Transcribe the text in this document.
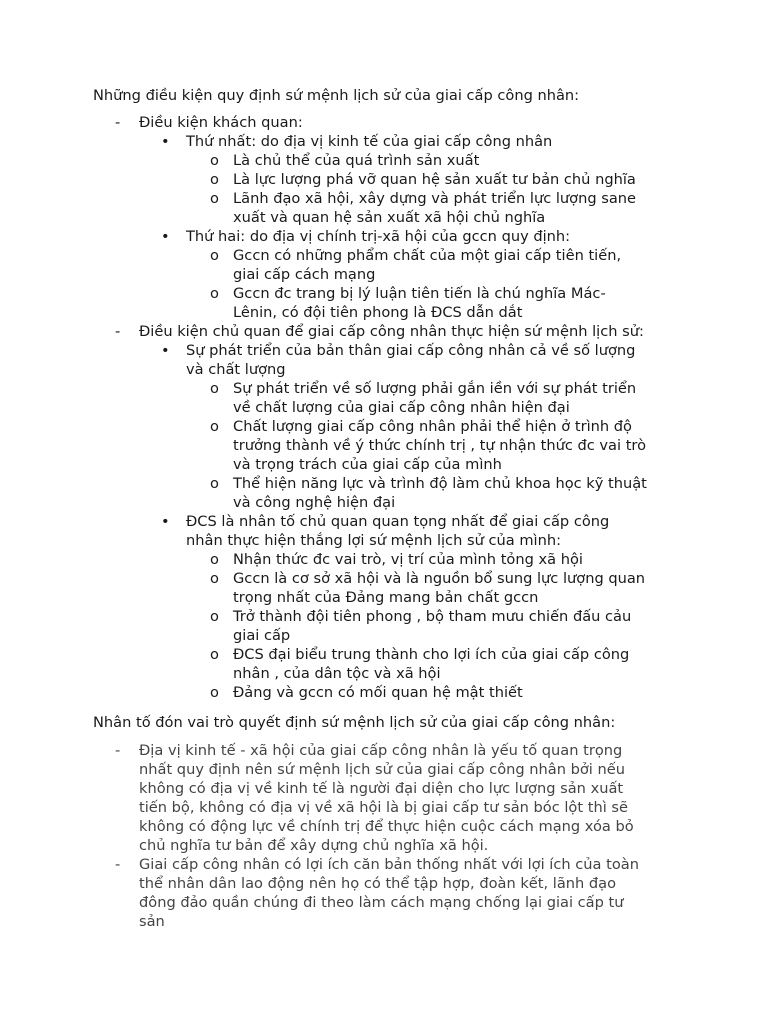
Những điều kiện quy định sứ mệnh lịch sử của giai cấp công nhân:
- Điều kiện khách quan:
• Thứ nhất: do địa vị kinh tế của giai cấp công nhân
o Là chủ thể của quá trình sản xuất
o Là lực lượng phá vỡ quan hệ sản xuất tư bản chủ nghĩa
o Lãnh đạo xã hội, xây dựng và phát triển lực lượng sane
xuất và quan hệ sản xuất xã hội chủ nghĩa
• Thứ hai: do địa vị chính trị-xã hội của gccn quy định:
o Gccn có những phẩm chất của một giai cấp tiên tiến,
giai cấp cách mạng
o Gccn đc trang bị lý luận tiên tiến là chú nghĩa Mác-
Lênin, có đội tiên phong là ĐCS dẫn dắt
- Điều kiện chủ quan để giai cấp công nhân thực hiện sứ mệnh lịch sử:
• Sự phát triển của bản thân giai cấp công nhân cả về số lượng
và chất lượng
o Sự phát triển về số lượng phải gắn iền với sự phát triển
về chất lượng của giai cấp công nhân hiện đại
o Chất lượng giai cấp công nhân phải thể hiện ở trình độ
trưởng thành về ý thức chính trị , tự nhận thức đc vai trò
và trọng trách của giai cấp của mình
o Thể hiện năng lực và trình độ làm chủ khoa học kỹ thuật
và công nghệ hiện đại
• ĐCS là nhân tố chủ quan quan tọng nhất để giai cấp công
nhân thực hiện thắng lợi sứ mệnh lịch sử của mình:
o Nhận thức đc vai trò, vị trí của mình tỏng xã hội
o Gccn là cơ sở xã hội và là nguồn bổ sung lực lượng quan
trọng nhất của Đảng mang bản chất gccn
o Trở thành đội tiên phong , bộ tham mưu chiến đấu cảu
giai cấp
o ĐCS đại biểu trung thành cho lợi ích của giai cấp công
nhân , của dân tộc và xã hội
o Đảng và gccn có mối quan hệ mật thiết
Nhân tố đón vai trò quyết định sứ mệnh lịch sử của giai cấp công nhân:
- Địa vị kinh tế - xã hội của giai cấp công nhân là yếu tố quan trọng
nhất quy định nên sứ mệnh lịch sử của giai cấp công nhân bởi nếu
không có địa vị về kinh tế là người đại diện cho lực lượng sản xuất
tiến bộ, không có địa vị về xã hội là bị giai cấp tư sản bóc lột thì sẽ
không có động lực về chính trị để thực hiện cuộc cách mạng xóa bỏ
chủ nghĩa tư bản để xây dựng chủ nghĩa xã hội.
- Giai cấp công nhân có lợi ích căn bản thống nhất với lợi ích của toàn
thể nhân dân lao động nên họ có thể tập hợp, đoàn kết, lãnh đạo
đông đảo quần chúng đi theo làm cách mạng chống lại giai cấp tư
sản
